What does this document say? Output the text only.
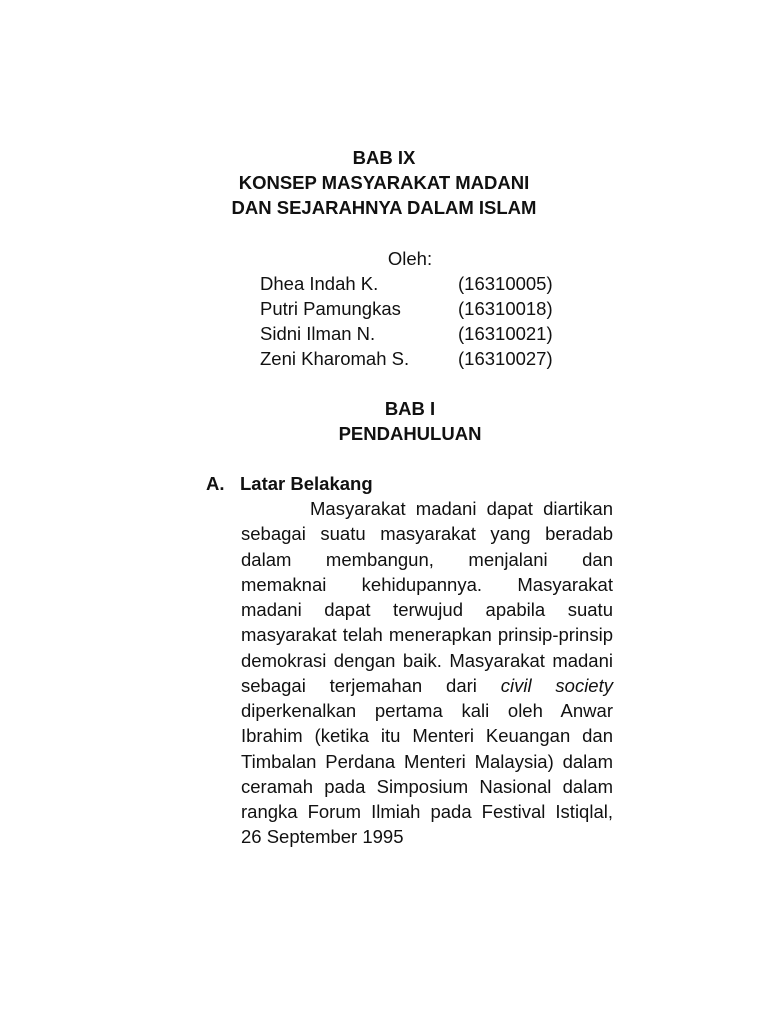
BAB IX
KONSEP MASYARAKAT MADANI
DAN SEJARAHNYA DALAM ISLAM
Oleh:
Dhea Indah K.	(16310005)
Putri Pamungkas	(16310018)
Sidni Ilman N.	(16310021)
Zeni Kharomah S.	(16310027)
BAB I
PENDAHULUAN
A. Latar Belakang

Masyarakat madani dapat diartikan sebagai suatu masyarakat yang beradab dalam membangun, menjalani dan memaknai kehidupannya. Masyarakat madani dapat terwujud apabila suatu masyarakat telah menerapkan prinsip-prinsip demokrasi dengan baik. Masyarakat madani sebagai terjemahan dari civil society diperkenalkan pertama kali oleh Anwar Ibrahim (ketika itu Menteri Keuangan dan Timbalan Perdana Menteri Malaysia) dalam ceramah pada Simposium Nasional dalam rangka Forum Ilmiah pada Festival Istiqlal, 26 September 1995
